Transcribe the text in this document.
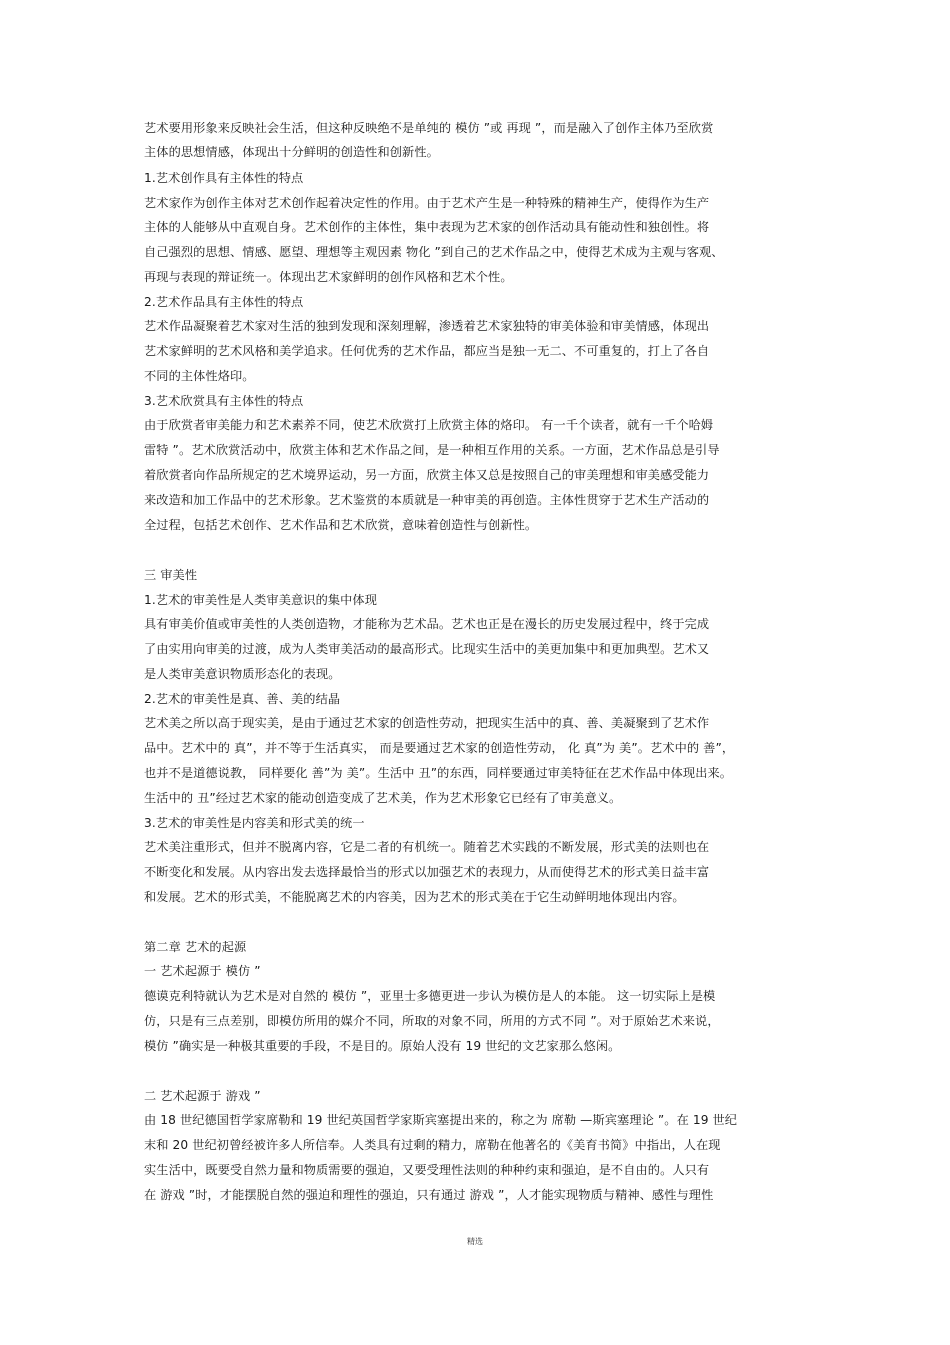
艺术要用形象来反映社会生活，但这种反映绝不是单纯的 模仿 ”或 再现 ”，而是融入了创作主体乃至欣赏
主体的思想情感，体现出十分鲜明的创造性和创新性。
1.艺术创作具有主体性的特点
艺术家作为创作主体对艺术创作起着决定性的作用。由于艺术产生是一种特殊的精神生产，使得作为生产
主体的人能够从中直观自身。艺术创作的主体性，集中表现为艺术家的创作活动具有能动性和独创性。将
自己强烈的思想、情感、愿望、理想等主观因素 物化 ”到自己的艺术作品之中，使得艺术成为主观与客观、
再现与表现的辩证统一。体现出艺术家鲜明的创作风格和艺术个性。
2.艺术作品具有主体性的特点
艺术作品凝聚着艺术家对生活的独到发现和深刻理解，渗透着艺术家独特的审美体验和审美情感，体现出
艺术家鲜明的艺术风格和美学追求。任何优秀的艺术作品，都应当是独一无二、不可重复的，打上了各自
不同的主体性烙印。
3.艺术欣赏具有主体性的特点
由于欣赏者审美能力和艺术素养不同，使艺术欣赏打上欣赏主体的烙印。 有一千个读者，就有一千个哈姆
雷特 ”。艺术欣赏活动中，欣赏主体和艺术作品之间，是一种相互作用的关系。一方面，艺术作品总是引导
着欣赏者向作品所规定的艺术境界运动，另一方面，欣赏主体又总是按照自己的审美理想和审美感受能力
来改造和加工作品中的艺术形象。艺术鉴赏的本质就是一种审美的再创造。主体性贯穿于艺术生产活动的
全过程，包括艺术创作、艺术作品和艺术欣赏，意味着创造性与创新性。
三 审美性
1.艺术的审美性是人类审美意识的集中体现
具有审美价值或审美性的人类创造物，才能称为艺术品。艺术也正是在漫长的历史发展过程中，终于完成
了由实用向审美的过渡，成为人类审美活动的最高形式。比现实生活中的美更加集中和更加典型。艺术又
是人类审美意识物质形态化的表现。
2.艺术的审美性是真、善、美的结晶
艺术美之所以高于现实美，是由于通过艺术家的创造性劳动，把现实生活中的真、善、美凝聚到了艺术作
品中。艺术中的 真”，并不等于生活真实， 而是要通过艺术家的创造性劳动， 化 真”为 美”。艺术中的 善”，
也并不是道德说教， 同样要化 善”为 美”。生活中 丑”的东西，同样要通过审美特征在艺术作品中体现出来。
生活中的 丑”经过艺术家的能动创造变成了艺术美，作为艺术形象它已经有了审美意义。
3.艺术的审美性是内容美和形式美的统一
艺术美注重形式，但并不脱离内容，它是二者的有机统一。随着艺术实践的不断发展，形式美的法则也在
不断变化和发展。从内容出发去选择最恰当的形式以加强艺术的表现力，从而使得艺术的形式美日益丰富
和发展。艺术的形式美，不能脱离艺术的内容美，因为艺术的形式美在于它生动鲜明地体现出内容。
第二章 艺术的起源
一 艺术起源于 模仿 ”
德谟克利特就认为艺术是对自然的 模仿 ”，亚里士多德更进一步认为模仿是人的本能。 这一切实际上是模
仿，只是有三点差别，即模仿所用的媒介不同，所取的对象不同，所用的方式不同 ”。对于原始艺术来说，
模仿 ”确实是一种极其重要的手段，不是目的。原始人没有 19 世纪的文艺家那么悠闲。
二 艺术起源于 游戏 ”
由 18 世纪德国哲学家席勒和 19 世纪英国哲学家斯宾塞提出来的，称之为 席勒 —斯宾塞理论 ”。在 19 世纪
末和 20 世纪初曾经被许多人所信奉。人类具有过剩的精力，席勒在他著名的《美育书简》中指出，人在现
实生活中，既要受自然力量和物质需要的强迫，又要受理性法则的种种约束和强迫，是不自由的。人只有
在 游戏 ”时，才能摆脱自然的强迫和理性的强迫，只有通过 游戏 ”，人才能实现物质与精神、感性与理性
精选
